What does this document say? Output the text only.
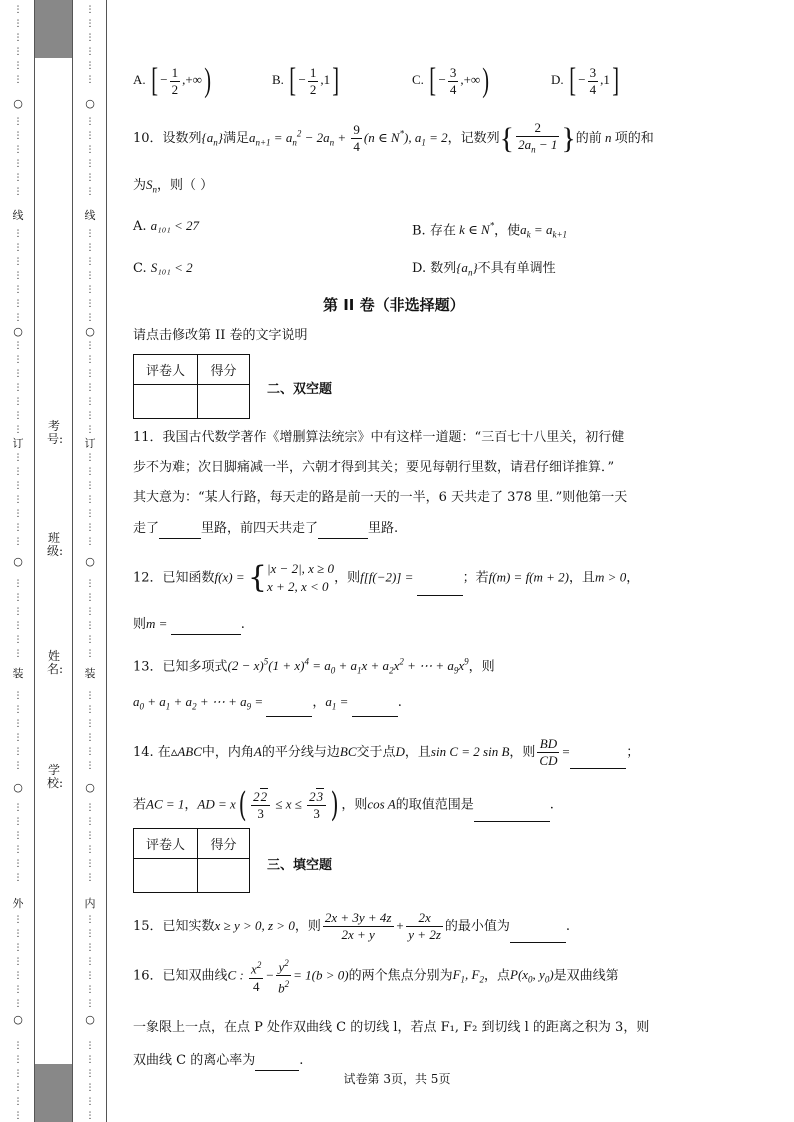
○
线
○
订
○
装
○
外
○
○
线
○
订
○
装
○
内
○
考号:
班级:
姓名:
学校:
⋮
⋮
⋮
⋮
⋮
⋮
⋮
⋮
⋮
⋮
⋮
⋮
⋮
⋮
⋮
⋮
⋮
⋮
⋮
⋮
⋮
⋮
⋮
⋮
⋮
⋮
⋮
⋮
⋮
⋮
⋮
⋮
⋮
⋮
⋮
⋮
⋮
⋮
⋮
⋮
⋮
⋮
⋮
⋮
⋮
⋮
⋮
⋮
⋮
⋮
⋮
⋮
⋮
⋮
⋮
⋮
⋮
⋮
⋮
⋮
⋮
⋮
⋮
⋮
⋮
⋮
⋮
⋮
⋮
⋮
⋮
⋮
⋮
⋮
⋮
⋮
⋮
⋮
⋮
⋮
⋮
⋮
⋮
⋮
⋮
⋮
⋮
⋮
⋮
⋮
⋮
⋮
⋮
⋮
⋮
⋮
⋮
⋮
⋮
⋮
⋮
⋮
⋮
⋮
⋮
⋮
⋮
⋮
⋮
⋮
⋮
⋮
⋮
⋮
⋮
⋮
⋮
⋮
⋮
⋮
⋮
⋮
⋮
⋮
⋮
⋮
⋮
⋮
A. [ − $\frac{1}{2}$ ,+∞)	B. [ − $\frac{1}{2} ,1$]	C. [ − $\frac{3}{4}$ ,+∞)	D. [ − $\frac{3}{4} ,1$]
10．设数列$\{a_n\}$满足$a_{n+1} = a_n^2 - 2a_n + \frac{9}{4} (n$ ∈ N*), $a_1 = 2$，记数列{ $\frac{2}{2a_n - 1}$ }的前 n 项的和
为$S_n$，则（ ）
A. a₁₀₁ < 27	B. 存在 k ∈ N*，使$a_k = a_{k+1}$
C. S₁₀₁ < 2	D. 数列$\{a_n\}$不具有单调性
第 II 卷（非选择题）
请点击修改第 II 卷的文字说明
评卷人	得分

二、双空题
11．我国古代数学著作《增删算法统宗》中有这样一道题：“三百七十八里关，初行健
步不为难；次日脚痛减一半，六朝才得到其关；要见每朝行里数，请君仔细详推算．”
其大意为：“某人行路，每天走的路是前一天的一半，6 天共走了 378 里．”则他第一天
走了	里路，前四天共走了	里路.
12．已知函数f(x) = { |x − 2|, x ≥ 0
x + 2, x < 0
，则f[f(−2)] =	；若f(m) = f(m + 2)，且m > 0，
则m =	.
13．已知多项式$(2 - x)^5(1 + x)^4 = a_0 + a_1x + a_2x^2$ + ⋯ + $a_9x^9$，则
$a_0 + a_1 + a_2$ + ⋯ + $a_9$ =	，$a_1$ =	.
14. 在▵ABC中，内角A的平分线与边BC交于点D，且sin C = 2 sin B，则 $\frac{BD}{CD}$ =	；
若AC = 1，AD = $x( \frac{22}{3} \le x \le \frac{23}{3}$ ) ，则cos A的取值范围是	.
评卷人	得分

三、填空题
15．已知实数x ≥ y > 0, z > 0，则 $\frac{2x + 3y + 4z}{2x + y} + \frac{2x}{y + 2z}$ 的最小值为	.
16．已知双曲线C : $\frac{x^2}{4} - \frac{y^2}{b^2} = 1(b > 0)$的两个焦点分别为$F_1$, $F_2$，点$P(x_0$, $y_0$)是双曲线第
一象限上一点，在点 P 处作双曲线 C 的切线 l，若点 F₁, F₂ 到切线 l 的距离之积为 3，则
双曲线 C 的离心率为	.
试卷第 3页，共 5页
